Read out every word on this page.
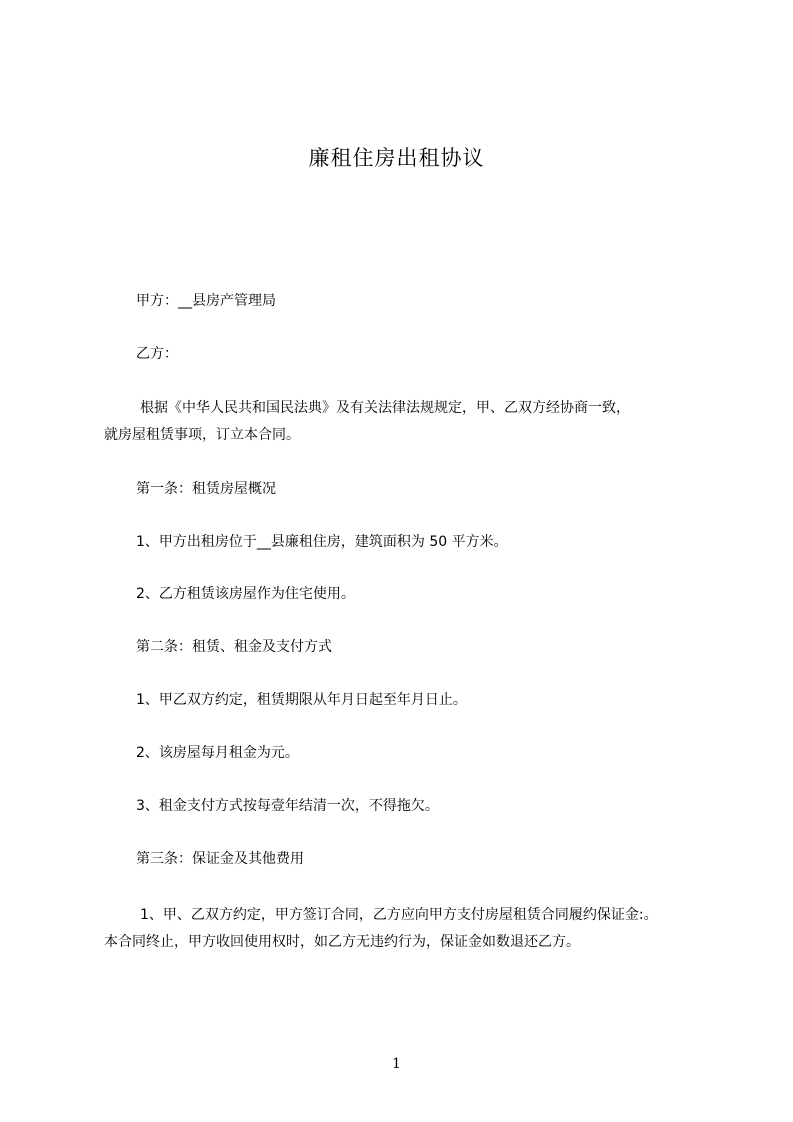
廉租住房出租协议
甲方：__县房产管理局
乙方：
根据《中华人民共和国民法典》及有关法律法规规定，甲、乙双方经协商一致，
就房屋租赁事项，订立本合同。
第一条：租赁房屋概况
1、甲方出租房位于__县廉租住房，建筑面积为 50 平方米。
2、乙方租赁该房屋作为住宅使用。
第二条：租赁、租金及支付方式
1、甲乙双方约定，租赁期限从年月日起至年月日止。
2、该房屋每月租金为元。
3、租金支付方式按每壹年结清一次，不得拖欠。
第三条：保证金及其他费用
1、甲、乙双方约定，甲方签订合同，乙方应向甲方支付房屋租赁合同履约保证金:。
本合同终止，甲方收回使用权时，如乙方无违约行为，保证金如数退还乙方。
1
